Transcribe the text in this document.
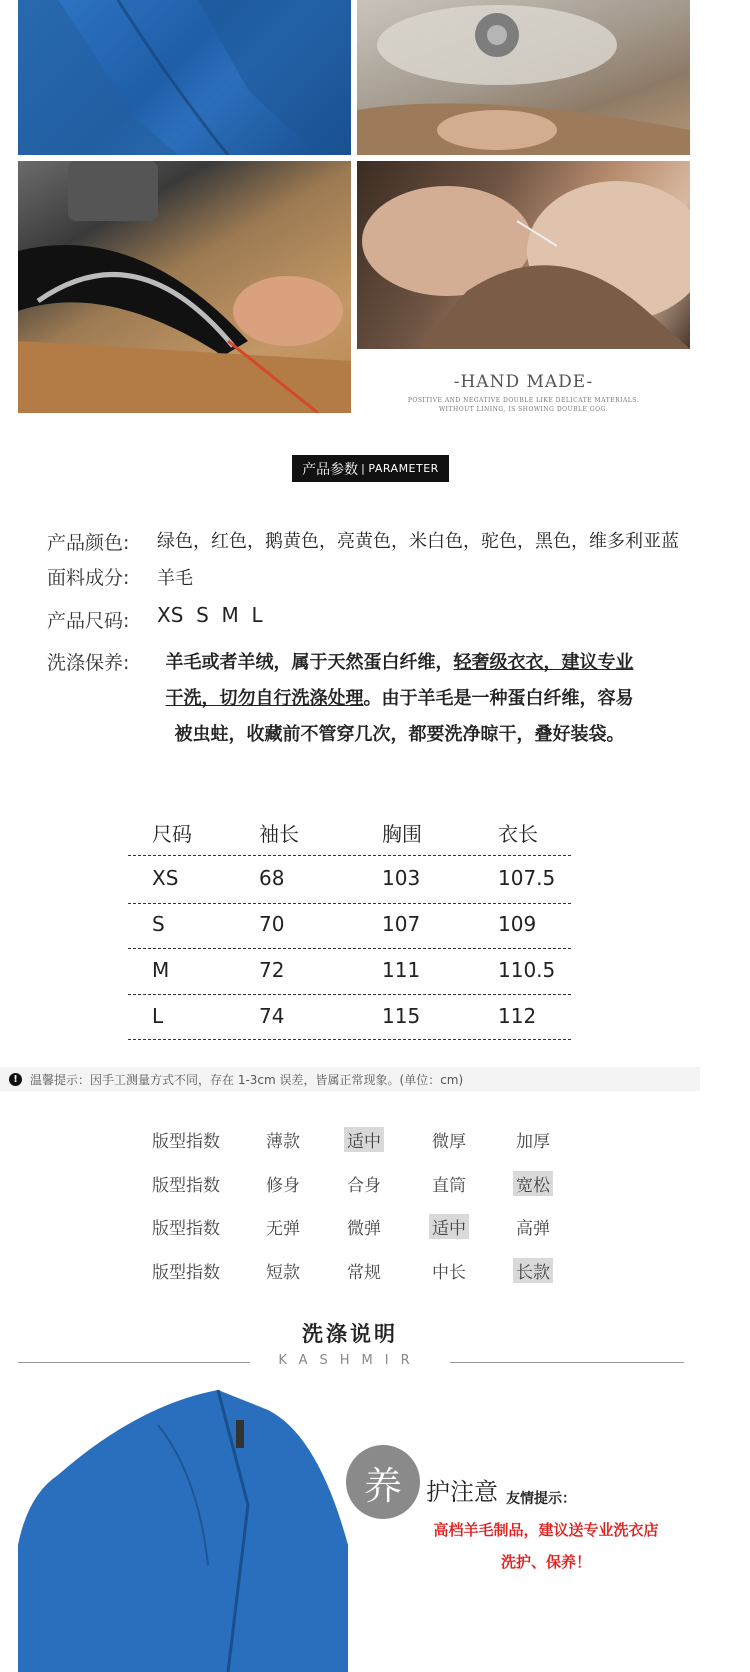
-HAND MADE-
POSITIVE AND NEGATIVE DOUBLE LIKE DELICATE MATERIALS.
WITHOUT LINING, IS SHOWING DOUBLE GOG.
产品参数 | PARAMETER
产品颜色: 绿色，红色，鹅黄色，亮黄色，米白色，驼色，黑色，维多利亚蓝
面料成分: 羊毛
产品尺码: XS  S  M  L
洗涤保养:	羊毛或者羊绒，属于天然蛋白纤维，轻奢级衣衣，建议专业干洗，切勿自行洗涤处理。由于羊毛是一种蛋白纤维，容易被虫蛀，收藏前不管穿几次，都要洗净晾干，叠好装袋。
尺码	袖长	胸围	衣长
XS	68	103	107.5
S	70	107	109
M	72	111	110.5
L	74	115	112
!	温馨提示：因手工测量方式不同，存在 1-3cm 误差，皆属正常现象。(单位：cm)
版型指数	薄款	适中	微厚	加厚
版型指数	修身	合身	直筒	宽松
版型指数	无弹	微弹	适中	高弹
版型指数	短款	常规	中长	长款
洗涤说明
KASHMIR
养	护注意 友情提示：
高档羊毛制品，建议送专业洗衣店
洗护、保养！
